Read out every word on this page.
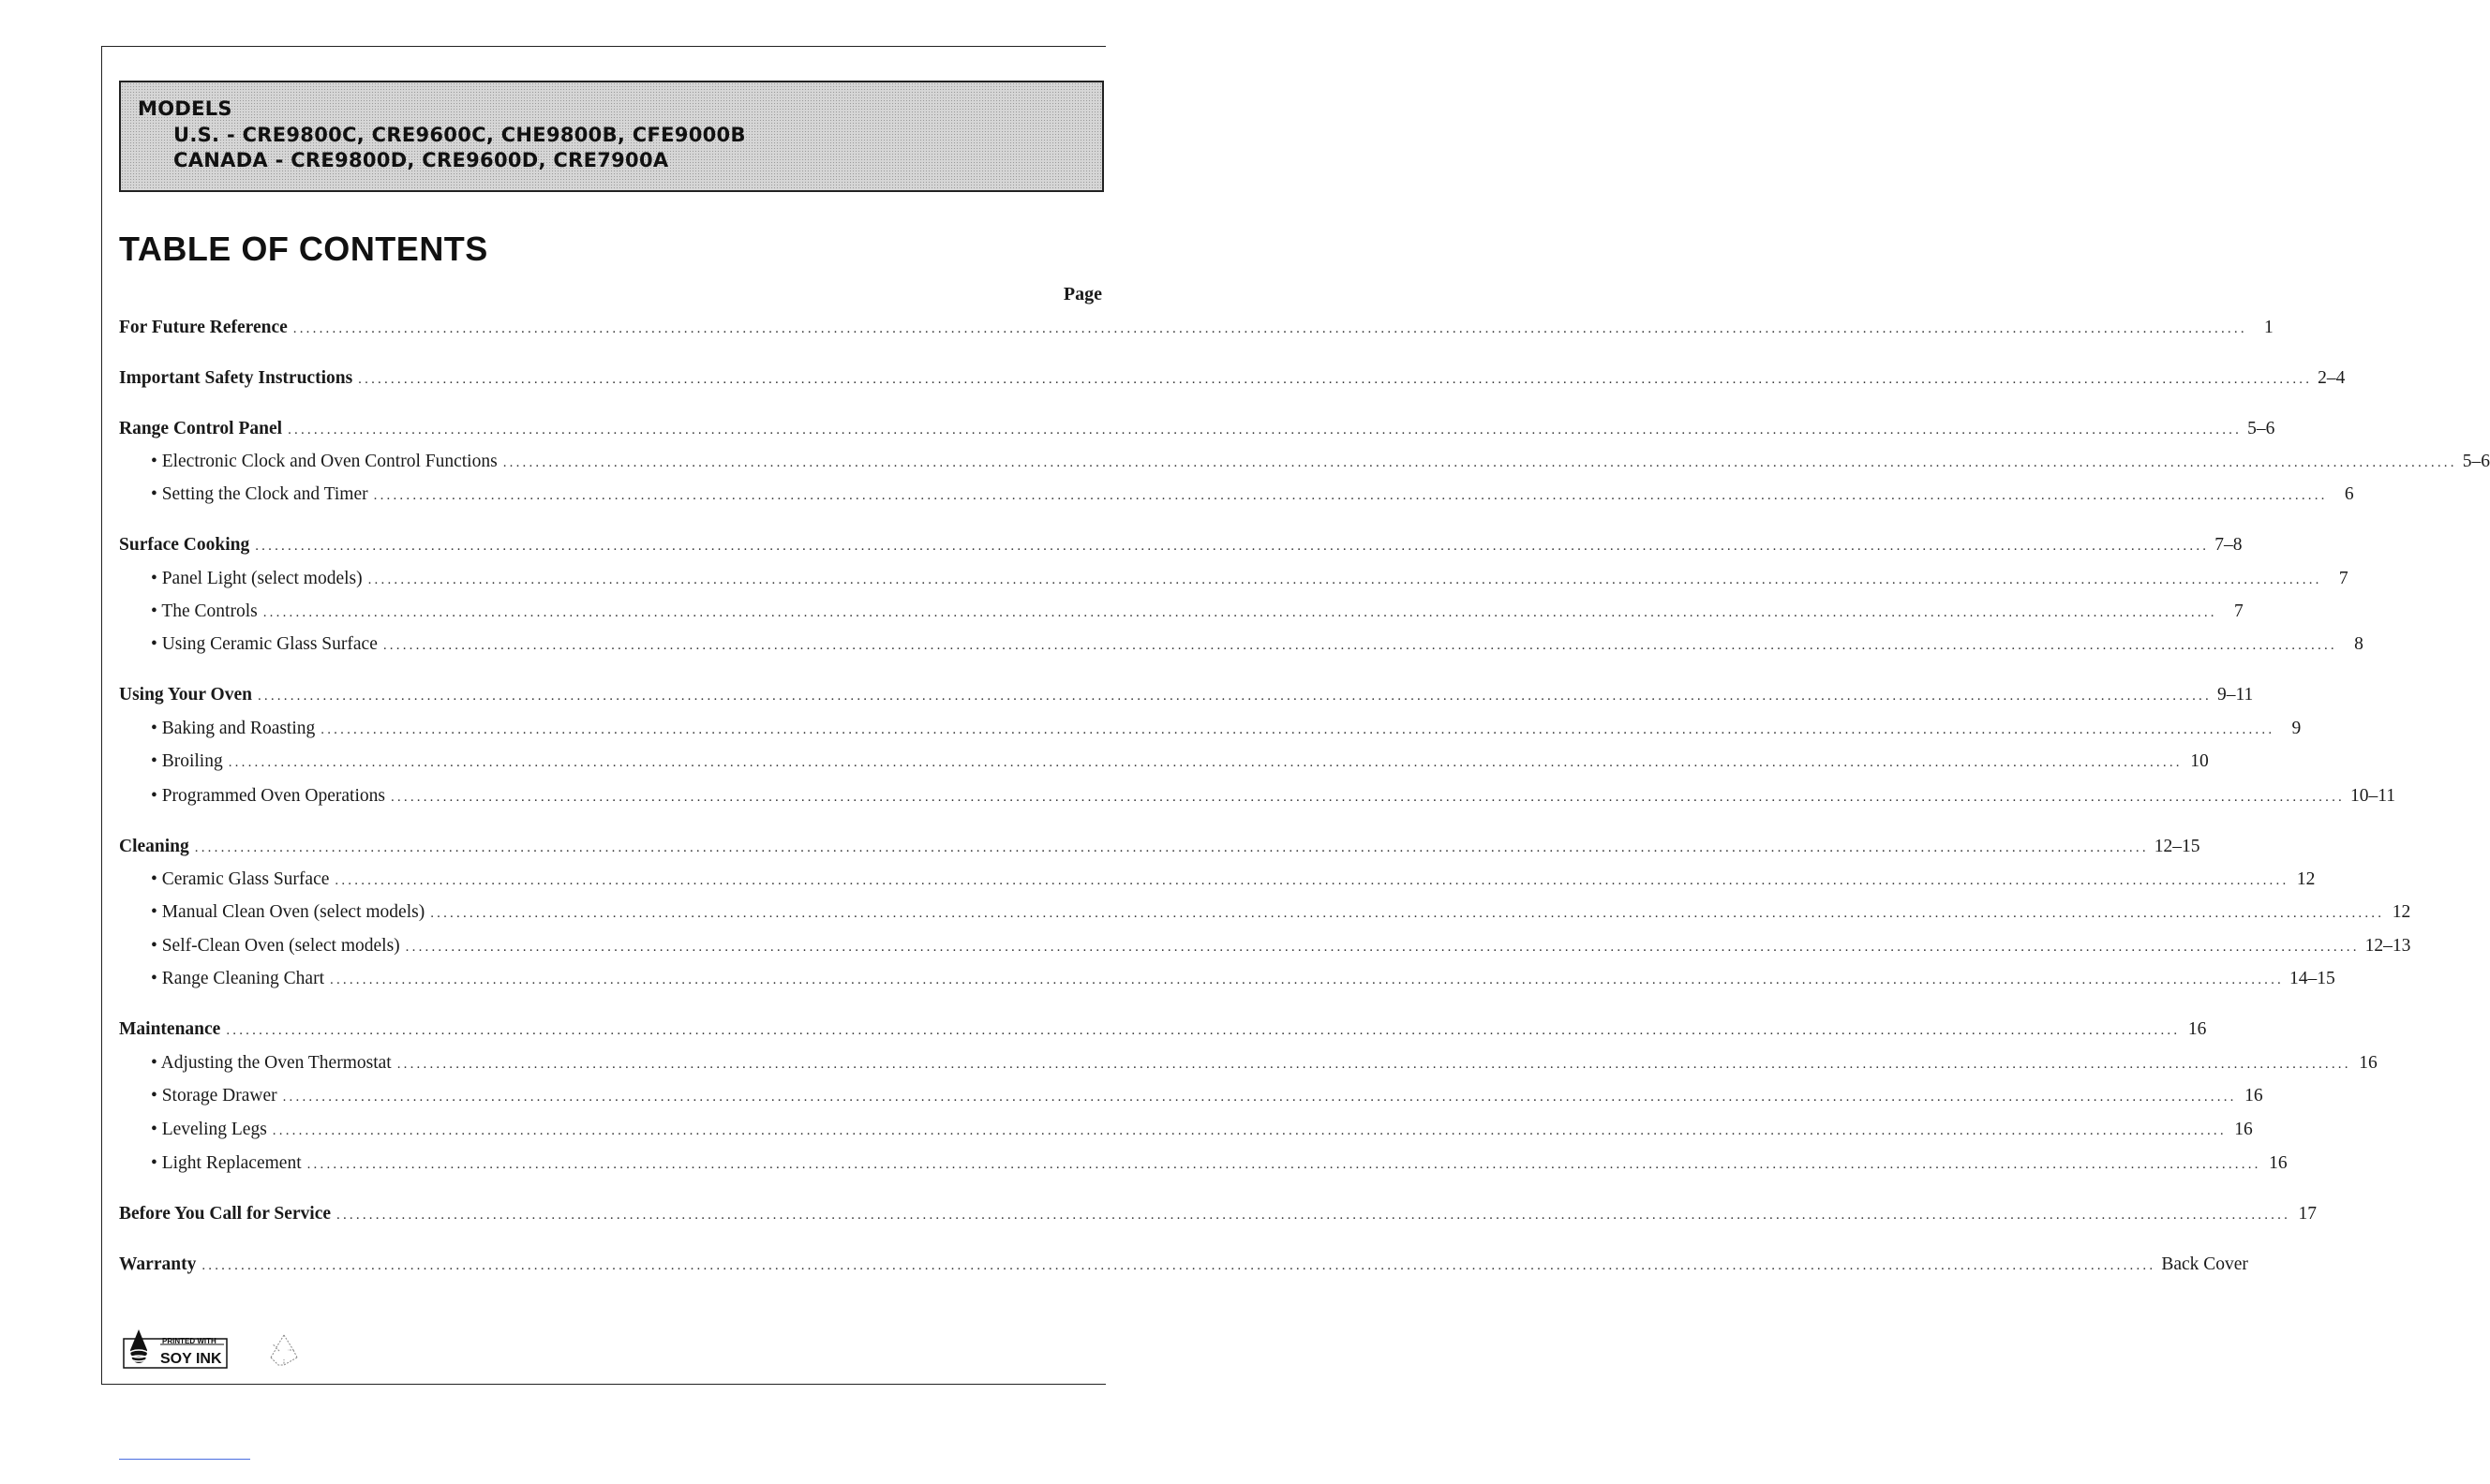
MODELS
U.S. - CRE9800C, CRE9600C, CHE9800B, CFE9000B
CANADA - CRE9800D, CRE9600D, CRE7900A
TABLE OF CONTENTS
Page
For Future Reference ............................................................................................................................................................................................................................................................................................................ 1
Important Safety Instructions ............................................................................................................................................................................................................................................................................................................ 2–4
Range Control Panel ............................................................................................................................................................................................................................................................................................................ 5–6
• Electronic Clock and Oven Control Functions ............................................................................................................................................................................................................................................................................................................ 5–6
• Setting the Clock and Timer ............................................................................................................................................................................................................................................................................................................ 6
Surface Cooking ............................................................................................................................................................................................................................................................................................................ 7–8
• Panel Light (select models) ............................................................................................................................................................................................................................................................................................................ 7
• The Controls ............................................................................................................................................................................................................................................................................................................ 7
• Using Ceramic Glass Surface ............................................................................................................................................................................................................................................................................................................ 8
Using Your Oven ............................................................................................................................................................................................................................................................................................................ 9–11
• Baking and Roasting ............................................................................................................................................................................................................................................................................................................ 9
• Broiling ............................................................................................................................................................................................................................................................................................................ 10
• Programmed Oven Operations ............................................................................................................................................................................................................................................................................................................ 10–11
Cleaning ............................................................................................................................................................................................................................................................................................................ 12–15
• Ceramic Glass Surface ............................................................................................................................................................................................................................................................................................................ 12
• Manual Clean Oven (select models) ............................................................................................................................................................................................................................................................................................................ 12
• Self-Clean Oven (select models) ............................................................................................................................................................................................................................................................................................................ 12–13
• Range Cleaning Chart ............................................................................................................................................................................................................................................................................................................ 14–15
Maintenance ............................................................................................................................................................................................................................................................................................................ 16
• Adjusting the Oven Thermostat ............................................................................................................................................................................................................................................................................................................ 16
• Storage Drawer ............................................................................................................................................................................................................................................................................................................ 16
• Leveling Legs ............................................................................................................................................................................................................................................................................................................ 16
• Light Replacement ............................................................................................................................................................................................................................................................................................................ 16
Before You Call for Service ............................................................................................................................................................................................................................................................................................................ 17
Warranty ............................................................................................................................................................................................................................................................................................................ Back Cover
PRINTED WITH
SOY INK
